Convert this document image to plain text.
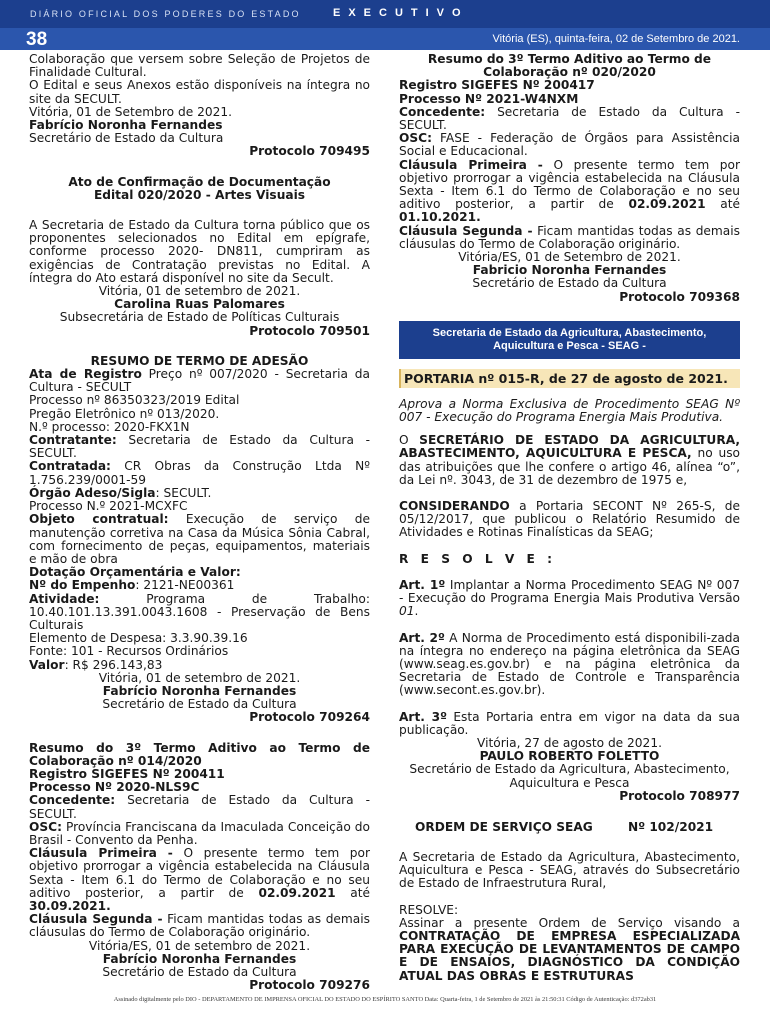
DIÁRIO OFICIAL DOS PODERES DO ESTADO	EXECUTIVO
38	Vitória (ES), quinta-feira, 02 de Setembro de 2021.
Colaboração que versem sobre Seleção de Projetos de Finalidade Cultural.
O Edital e seus Anexos estão disponíveis na íntegra no site da SECULT.
Vitória, 01 de Setembro de 2021.
Fabrício Noronha Fernandes
Secretário de Estado da Cultura
Protocolo 709495
Ato de Confirmação de Documentação
Edital 020/2020 - Artes Visuais
A Secretaria de Estado da Cultura torna público que os proponentes selecionados no Edital em epígrafe, conforme processo 2020- DN811, cumpriram as exigências de Contratação previstas no Edital. A íntegra do Ato estará disponível no site da Secult.
Vitória, 01 de setembro de 2021.
Carolina Ruas Palomares
Subsecretária de Estado de Políticas Culturais
Protocolo 709501
RESUMO DE TERMO DE ADESÃO
Ata de Registro Preço nº 007/2020 - Secretaria da Cultura - SECULT
Processo nº 86350323/2019 Edital
Pregão Eletrônico nº 013/2020.
N.º processo: 2020-FKX1N
Contratante: Secretaria de Estado da Cultura - SECULT.
Contratada: CR Obras da Construção Ltda Nº 1.756.239/0001-59
Órgão Adeso/Sigla: SECULT.
Processo N.º 2021-MCXFC
Objeto contratual: Execução de serviço de manutenção corretiva na Casa da Música Sônia Cabral, com fornecimento de peças, equipamentos, materiais e mão de obra
Dotação Orçamentária e Valor:
Nº do Empenho: 2121-NE00361
Atividade:	Programa	de	Trabalho:
10.40.101.13.391.0043.1608 - Preservação de Bens Culturais
Elemento de Despesa: 3.3.90.39.16
Fonte: 101 - Recursos Ordinários
Valor: R$ 296.143,83
Vitória, 01 de setembro de 2021.
Fabrício Noronha Fernandes
Secretário de Estado da Cultura
Protocolo 709264
Resumo do 3º Termo Aditivo ao Termo de Colaboração nº 014/2020
Registro SIGEFES Nº 200411
Processo Nº 2020-NLS9C
Concedente: Secretaria de Estado da Cultura - SECULT.
OSC: Província Franciscana da Imaculada Conceição do Brasil - Convento da Penha.
Cláusula Primeira - O presente termo tem por objetivo prorrogar a vigência estabelecida na Cláusula Sexta - Item 6.1 do Termo de Colaboração e no seu aditivo posterior, a partir de 02.09.2021 até 30.09.2021.
Cláusula Segunda - Ficam mantidas todas as demais cláusulas do Termo de Colaboração originário.
Vitória/ES, 01 de setembro de 2021.
Fabrício Noronha Fernandes
Secretário de Estado da Cultura
Protocolo 709276
Resumo do 3º Termo Aditivo ao Termo de Colaboração nº 020/2020
Registro SIGEFES Nº 200417
Processo Nº 2021-W4NXM
Concedente: Secretaria de Estado da Cultura - SECULT.
OSC: FASE - Federação de Órgãos para Assistência Social e Educacional.
Cláusula Primeira - O presente termo tem por objetivo prorrogar a vigência estabelecida na Cláusula Sexta - Item 6.1 do Termo de Colaboração e no seu aditivo posterior, a partir de 02.09.2021 até 01.10.2021.
Cláusula Segunda - Ficam mantidas todas as demais cláusulas do Termo de Colaboração originário.
Vitória/ES, 01 de Setembro de 2021.
Fabricio Noronha Fernandes
Secretário de Estado da Cultura
Protocolo 709368
Secretaria de Estado da Agricultura, Abastecimento,
Aquicultura e Pesca - SEAG -
PORTARIA nº 015-R, de 27 de agosto de 2021.
Aprova a Norma Exclusiva de Procedimento SEAG Nº 007 - Execução do Programa Energia Mais Produtiva.
O SECRETÁRIO DE ESTADO DA AGRICULTURA, ABASTECIMENTO, AQUICULTURA E PESCA, no uso das atribuições que lhe confere o artigo 46, alínea “o”, da Lei nº. 3043, de 31 de dezembro de 1975 e,
CONSIDERANDO a Portaria SECONT Nº 265-S, de 05/12/2017, que publicou o Relatório Resumido de Atividades e Rotinas Finalísticas da SEAG;
R E S O L V E :
Art. 1º Implantar a Norma Procedimento SEAG Nº 007 - Execução do Programa Energia Mais Produtiva Versão 01.
Art. 2º A Norma de Procedimento está disponibili-zada na íntegra no endereço na página eletrônica da SEAG (www.seag.es.gov.br) e na página eletrônica da Secretaria de Estado de Controle e Transparência (www.secont.es.gov.br).
Art. 3º Esta Portaria entra em vigor na data da sua publicação.
Vitória, 27 de agosto de 2021.
PAULO ROBERTO FOLETTO
Secretário de Estado da Agricultura, Abastecimento,
Aquicultura e Pesca
Protocolo 708977
ORDEM DE SERVIÇO SEAG	Nº 102/2021
A Secretaria de Estado da Agricultura, Abastecimento, Aquicultura e Pesca - SEAG, através do Subsecretário de Estado de Infraestrutura Rural,
RESOLVE:
Assinar a presente Ordem de Serviço visando a CONTRATAÇÃO DE EMPRESA ESPECIALIZADA PARA EXECUÇÃO DE LEVANTAMENTOS DE CAMPO E DE ENSAIOS, DIAGNÓSTICO DA CONDIÇÃO ATUAL DAS OBRAS E ESTRUTURAS
Assinado digitalmente pelo DIO - DEPARTAMENTO DE IMPRENSA OFICIAL DO ESTADO DO ESPÍRITO SANTO Data: Quarta-feira, 1 de Setembro de 2021 às 21:50:31 Código de Autenticação: d372ab31
